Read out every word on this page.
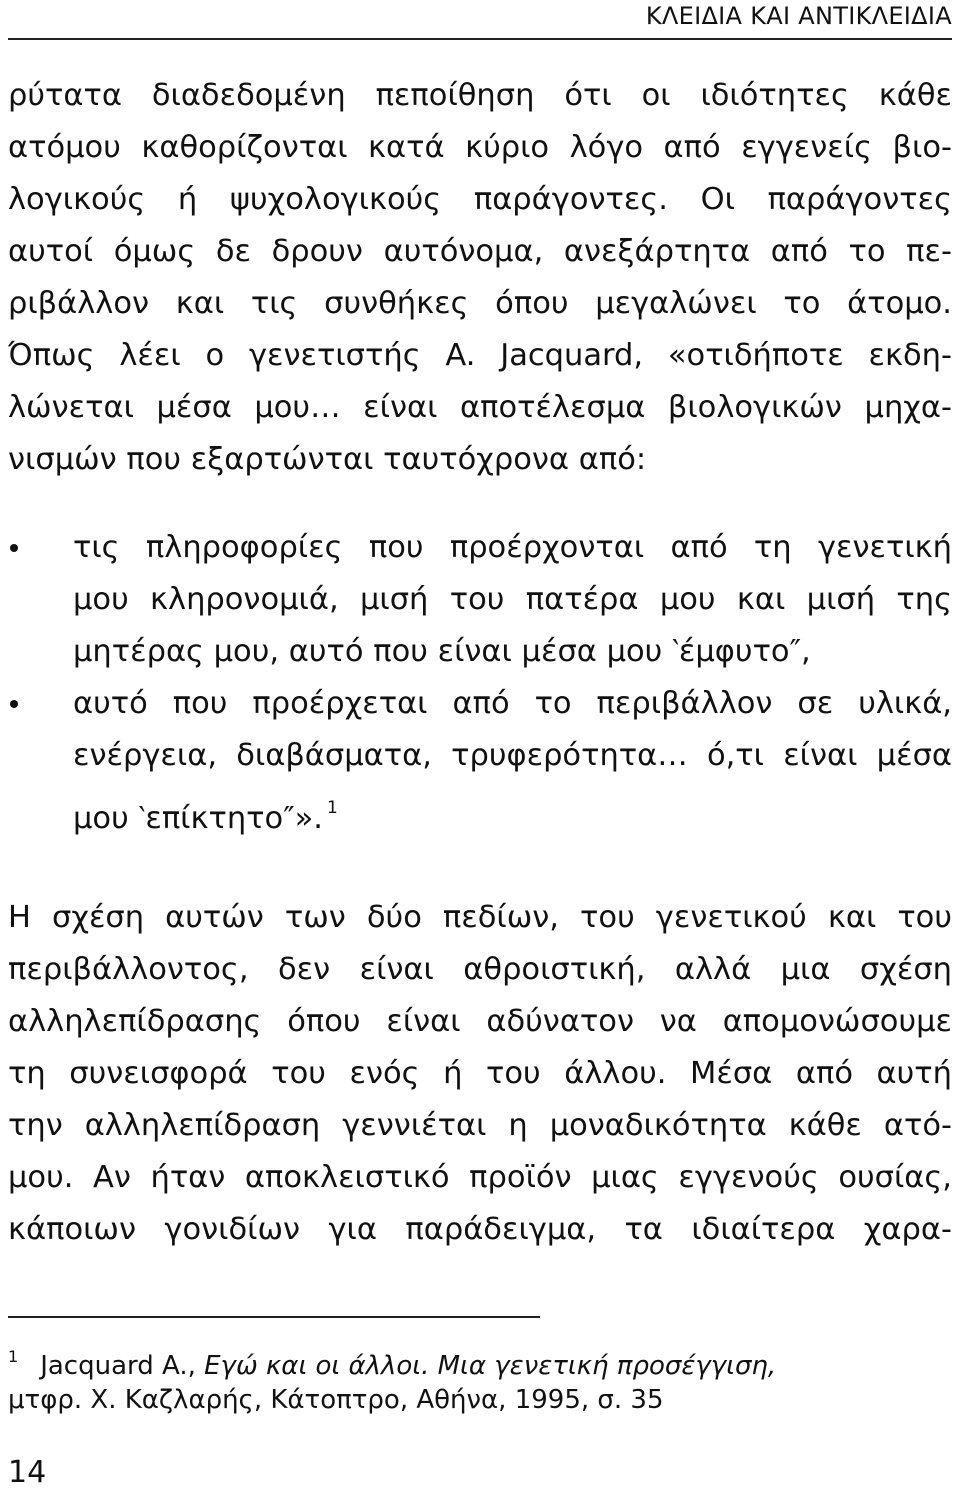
ΚΛΕΙΔΙΑ ΚΑΙ ΑΝΤΙΚΛΕΙΔΙΑ
ρύτατα διαδεδομένη πεποίθηση ότι οι ιδιότητες κάθε
ατόμου καθορίζονται κατά κύριο λόγο από εγγενείς βιο-
λογικούς ή ψυχολογικούς παράγοντες. Οι παράγοντες
αυτοί όμως δε δρουν αυτόνομα, ανεξάρτητα από το πε-
ριβάλλον και τις συνθήκες όπου μεγαλώνει το άτομο.
Όπως λέει ο γενετιστής A. Jacquard, «οτιδήποτε εκδη-
λώνεται μέσα μου… είναι αποτέλεσμα βιολογικών μηχα-
νισμών που εξαρτώνται ταυτόχρονα από:
τις πληροφορίες που προέρχονται από τη γενετική
μου κληρονομιά, μισή του πατέρα μου και μισή της
μητέρας μου, αυτό που είναι μέσα μου ‵έμφυτο″,
αυτό που προέρχεται από το περιβάλλον σε υλικά,
ενέργεια, διαβάσματα, τρυφερότητα… ό,τι είναι μέσα
μου ‵επίκτητο″». $^1$
Η σχέση αυτών των δύο πεδίων, του γενετικού και του
περιβάλλοντος, δεν είναι αθροιστική, αλλά μια σχέση
αλληλεπίδρασης όπου είναι αδύνατον να απομονώσουμε
τη συνεισφορά του ενός ή του άλλου. Μέσα από αυτή
την αλληλεπίδραση γεννιέται η μοναδικότητα κάθε ατό-
μου. Αν ήταν αποκλειστικό προϊόν μιας εγγενούς ουσίας,
κάποιων γονιδίων για παράδειγμα, τα ιδιαίτερα χαρα-
$^1$ Jacquard A., Εγώ και οι άλλοι. Μια γενετική προσέγγιση,
μτφρ. Χ. Καζλαρής, Κάτοπτρο, Αθήνα, 1995, σ. 35
14
